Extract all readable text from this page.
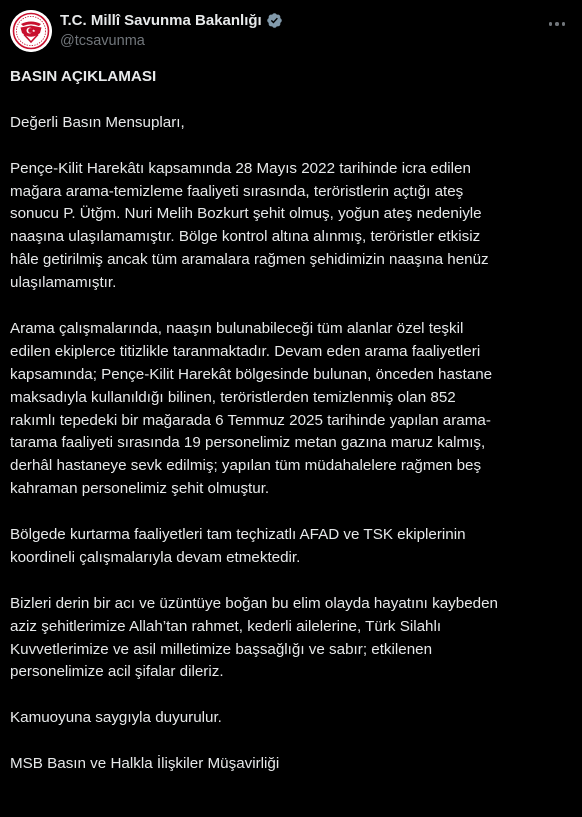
T.C. Millî Savunma Bakanlığı
@tcsavunma

BASIN AÇIKLAMASI

Değerli Basın Mensupları,

Pençe-Kilit Harekâtı kapsamında 28 Mayıs 2022 tarihinde icra edilen
mağara arama-temizleme faaliyeti sırasında, teröristlerin açtığı ateş
sonucu P. Ütğm. Nuri Melih Bozkurt şehit olmuş, yoğun ateş nedeniyle
naaşına ulaşılamamıştır. Bölge kontrol altına alınmış, teröristler etkisiz
hâle getirilmiş ancak tüm aramalara rağmen şehidimizin naaşına henüz
ulaşılamamıştır.

Arama çalışmalarında, naaşın bulunabileceği tüm alanlar özel teşkil
edilen ekiplerce titizlikle taranmaktadır. Devam eden arama faaliyetleri
kapsamında; Pençe-Kilit Harekât bölgesinde bulunan, önceden hastane
maksadıyla kullanıldığı bilinen, teröristlerden temizlenmiş olan 852
rakımlı tepedeki bir mağarada 6 Temmuz 2025 tarihinde yapılan arama-
tarama faaliyeti sırasında 19 personelimiz metan gazına maruz kalmış,
derhâl hastaneye sevk edilmiş; yapılan tüm müdahalelere rağmen beş
kahraman personelimiz şehit olmuştur.

Bölgede kurtarma faaliyetleri tam teçhizatlı AFAD ve TSK ekiplerinin
koordineli çalışmalarıyla devam etmektedir.

Bizleri derin bir acı ve üzüntüye boğan bu elim olayda hayatını kaybeden
aziz şehitlerimize Allah’tan rahmet, kederli ailelerine, Türk Silahlı
Kuvvetlerimize ve asil milletimize başsağlığı ve sabır; etkilenen
personelimize acil şifalar dileriz.

Kamuoyuna saygıyla duyurulur.

MSB Basın ve Halkla İlişkiler Müşavirliği
